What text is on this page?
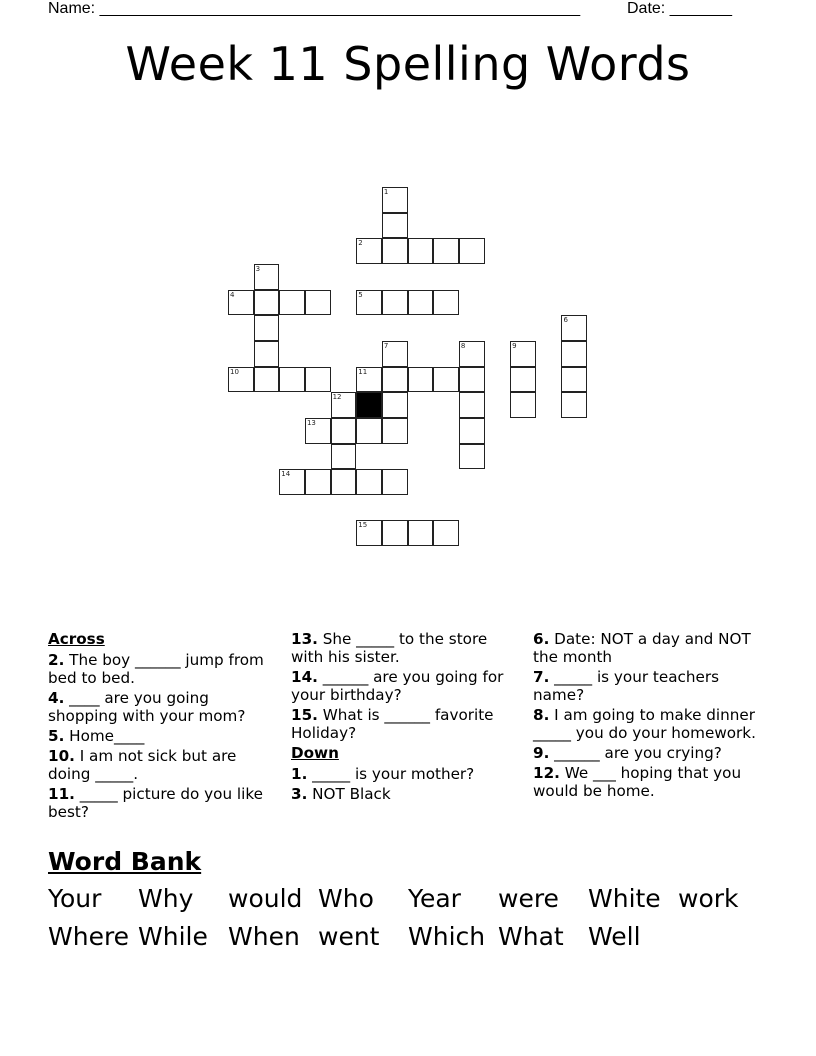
Name: ______________________________________________________	Date: _______
Week 11 Spelling Words
1
2
3
4	5
6
7	8	9
10	11
12
13
14
15
Across
2. The boy ______ jump from bed to bed.
4. ____ are you going shopping with your mom?
5. Home____
10. I am not sick but are doing _____.
11. _____ picture do you like best?
13. She _____ to the store with his sister.
14. ______ are you going for your birthday?
15. What is ______ favorite Holiday?
Down
1. _____ is your mother?
3. NOT Black
6. Date: NOT a day and NOT the month
7. _____ is your teachers name?
8. I am going to make dinner _____ you do your homework.
9. ______ are you crying?
12. We ___ hoping that you would be home.
Word Bank
Your Why would Who Year were White work
Where While When went Which What Well
